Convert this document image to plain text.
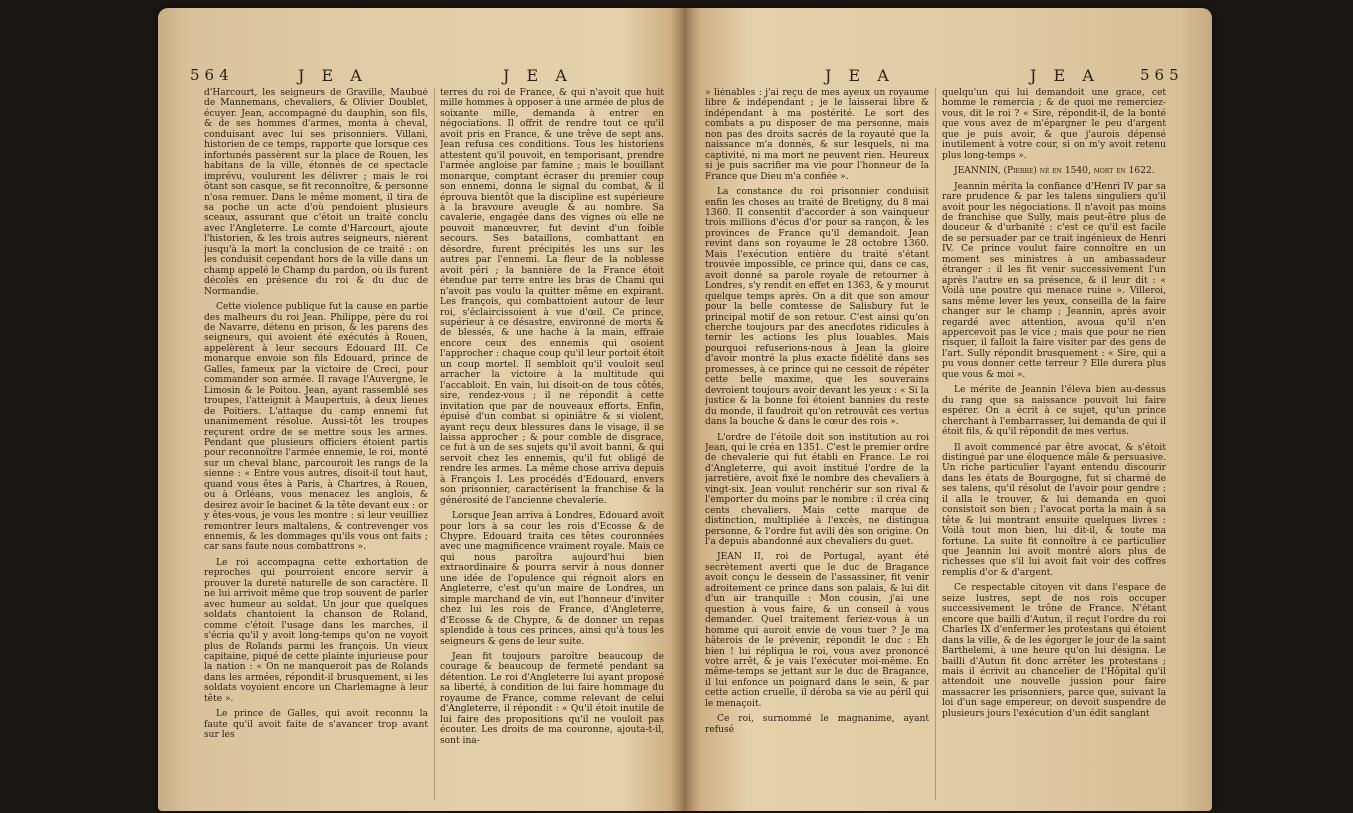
564	J E A	J E A

d'Harcourt, les seigneurs de Graville, Maubué de Mannemans, chevaliers, & Olivier Doublet, écuyer. Jean, accompagné du dauphin, son fils, & de ses hommes d'armes, monta à cheval, conduisant avec lui ses prisonniers. Villani, historien de ce temps, rapporte que lorsque ces infortunés passèrent sur la place de Rouen, les habitans de la ville, étonnés de ce spectacle imprévu, voulurent les délivrer ; mais le roi ôtant son casque, se fit reconnoître, & personne n'osa remuer. Dans le même moment, il tira de sa poche un acte d'où pendoient plusieurs sceaux, assurant que c'étoit un traité conclu avec l'Angleterre. Le comte d'Harcourt, ajoute l'historien, & les trois autres seigneurs, niérent jusqu'à la mort la conclusion de ce traité : on les conduisit cependant hors de la ville dans un champ appelé le Champ du pardon, où ils furent décolés en présence du roi & du duc de Normandie.

Cette violence publique fut la cause en partie des malheurs du roi Jean. Philippe, père du roi de Navarre, détenu en prison, & les parens des seigneurs, qui avoient été exécutés à Rouen, appelèrent à leur secours Edouard III. Ce monarque envoie son fils Edouard, prince de Galles, fameux par la victoire de Creci, pour commander son armée. Il ravage l'Auvergne, le Limosin & le Poitou. Jean, ayant rassemblé ses troupes, l'atteignit à Maupertuis, à deux lieues de Poitiers. L'attaque du camp ennemi fut unanimement résolue. Aussi-tôt les troupes reçurent ordre de se mettre sous les armes. Pendant que plusieurs officiers étoient partis pour reconnoître l'armée ennemie, le roi, monté sur un cheval blanc, parcouroit les rangs de la sienne : « Entre vous autres, disoit-il tout haut, quand vous êtes à Paris, à Chartres, à Rouen, ou à Orléans, vous menacez les anglois, & desirez avoir le bacinet & la tête devant eux : or y êtes-vous, je vous les montre : si leur veuilliez remontrer leurs maltalens, & contrevenger vos ennemis, & les dommages qu'ils vous ont faits ; car sans faute nous combattrons ».

Le roi accompagna cette exhortation de reproches qui pourroient encore servir à prouver la dureté naturelle de son caractère. Il ne lui arrivoit même que trop souvent de parler avec humeur au soldat. Un jour que quelques soldats chantoient la chanson de Roland, comme c'étoit l'usage dans les marches, il s'écria qu'il y avoit long-temps qu'on ne voyoit plus de Rolands parmi les françois. Un vieux capitaine, piqué de cette plainte injurieuse pour la nation : « On ne manqueroit pas de Rolands dans les armées, répondit-il brusquement, si les soldats voyoient encore un Charlemagne à leur tête ».

Le prince de Galles, qui avoit reconnu la faute qu'il avoit faite de s'avancer trop avant sur les

terres du roi de France, & qui n'avoit que huit mille hommes à opposer à une armée de plus de soixante mille, demanda à entrer en négociations. Il offrit de rendre tout ce qu'il avoit pris en France, & une trêve de sept ans. Jean refusa ces conditions. Tous les historiens attestent qu'il pouvoit, en temporisant, prendre l'armée angloise par famine ; mais le bouillant monarque, comptant écraser du premier coup son ennemi, donna le signal du combat, & il éprouva bientôt que la discipline est supérieure à la bravoure aveugle & au nombre. Sa cavalerie, engagée dans des vignes où elle ne pouvoit manœuvrer, fut devint d'un foible secours. Ses bataillons, combattant en désordre, furent précipités les uns sur les autres par l'ennemi. La fleur de la noblesse avoit péri ; la bannière de la France étoit étendue par terre entre les bras de Chami qui n'avoit pas voulu la quitter même en expirant. Les françois, qui combattoient autour de leur roi, s'éclaircissoient à vue d'œil. Ce prince, supérieur à ce désastre, environné de morts & de blessés, & une hache à la main, effraie encore ceux des ennemis qui osoient l'approcher : chaque coup qu'il leur portoit étoit un coup mortel. Il sembloit qu'il vouloit seul arracher la victoire à la multitude qui l'accabloit. En vain, lui disoit-on de tous côtés, sire, rendez-vous ; il ne répondit à cette invitation que par de nouveaux efforts. Enfin, épuisé d'un combat si opiniâtre & si violent, ayant reçu deux blessures dans le visage, il se laissa approcher ; & pour comble de disgrace, ce fut à un de ses sujets qu'il avoit banni, & qui servoit chez les ennemis, qu'il fut obligé de rendre les armes. La même chose arriva depuis à François I. Les procédés d'Edouard, envers son prisonnier, caractérisent la franchise & la générosité de l'ancienne chevalerie.

Lorsque Jean arriva à Londres, Edouard avoit pour lors à sa cour les rois d'Ecosse & de Chypre. Edouard traita ces têtes couronnées avec une magnificence vraiment royale. Mais ce qui nous paroîtra aujourd'hui bien extraordinaire & pourra servir à nous donner une idée de l'opulence qui régnoit alors en Angleterre, c'est qu'un maire de Londres, un simple marchand de vin, eut l'honneur d'inviter chez lui les rois de France, d'Angleterre, d'Ecosse & de Chypre, & de donner un repas splendide à tous ces princes, ainsi qu'à tous les seigneurs & gens de leur suite.

Jean fit toujours paroître beaucoup de courage & beaucoup de fermeté pendant sa détention. Le roi d'Angleterre lui ayant proposé sa liberté, à condition de lui faire hommage du royaume de France, comme relevant de celui d'Angleterre, il répondit : « Qu'il étoit inutile de lui faire des propositions qu'il ne vouloit pas écouter. Les droits de ma couronne, ajouta-t-il, sont ina-

J E A	J E A	565

» liénables : j'ai reçu de mes ayeux un royaume libre & indépendant ; je le laisserai libre & indépendant à ma postérité. Le sort des combats a pu disposer de ma personne, mais non pas des droits sacrés de la royauté que la naissance m'a donnés, & sur lesquels, ni ma captivité, ni ma mort ne peuvent rien. Heureux si je puis sacrifier ma vie pour l'honneur de la France que Dieu m'a confiée ».

La constance du roi prisonnier conduisit enfin les choses au traité de Bretigny, du 8 mai 1360. Il consentit d'accorder à son vainqueur trois millions d'écus d'or pour sa rançon, & les provinces de France qu'il demandoit. Jean revint dans son royaume le 28 octobre 1360. Mais l'exécution entière du traité s'étant trouvée impossible, ce prince qui, dans ce cas, avoit donné sa parole royale de retourner à Londres, s'y rendit en effet en 1363, & y mourut quelque temps après. On a dit que son amour pour la belle comtesse de Salisbury fut le principal motif de son retour. C'est ainsi qu'on cherche toujours par des anecdotes ridicules à ternir les actions les plus louables. Mais pourquoi refuserions-nous à Jean la gloire d'avoir montré la plus exacte fidélité dans ses promesses, à ce prince qui ne cessoit de répéter cette belle maxime, que les souverains devroient toujours avoir devant les yeux : « Si la justice & la bonne foi étoient bannies du reste du monde, il faudroit qu'on retrouvât ces vertus dans la bouche & dans le cœur des rois ».

L'ordre de l'étoile doit son institution au roi Jean, qui le créa en 1351. C'est le premier ordre de chevalerie qui fut établi en France. Le roi d'Angleterre, qui avoit institué l'ordre de la jarretière, avoit fixé le nombre des chevaliers à vingt-six. Jean voulut renchérir sur son rival & l'emporter du moins par le nombre : il créa cinq cents chevaliers. Mais cette marque de distinction, multipliée à l'excès, ne distingua personne, & l'ordre fut avili dès son origine. On l'a depuis abandonné aux chevaliers du guet.

JEAN II, roi de Portugal, ayant été secrètement averti que le duc de Bragance avoit conçu le dessein de l'assassiner, fit venir adroitement ce prince dans son palais, & lui dit d'un air tranquille : Mon cousin, j'ai une question à vous faire, & un conseil à vous demander. Quel traitement feriez-vous à un homme qui auroit envie de vous tuer ? Je ma hâterois de le prévenir, répondit le duc : Eh bien ! lui répliqua le roi, vous avez prononcé votre arrêt, & je vais l'exécuter moi-même. En même-temps se jettant sur le duc de Bragance, il lui enfonce un poignard dans le sein, & par cette action cruelle, il déroba sa vie au péril qui le menaçoit.

Ce roi, surnommé le magnanime, ayant refusé

quelqu'un qui lui demandoit une grace, cet homme le remercia ; & de quoi me remerciez-vous, dit le roi ? « Sire, répondit-il, de la bonté que vous avez de m'épargner le peu d'argent que je puis avoir, & que j'aurois dépensé inutilement à votre cour, si on m'y avoit retenu plus long-temps ».

JEANNIN, (Pierre) né en 1540, mort en 1622.

Jeannin mérita la confiance d'Henri IV par sa rare prudence & par les talens singuliers qu'il avoit pour les négociations. Il n'avoit pas moins de franchise que Sully, mais peut-être plus de douceur & d'urbanité : c'est ce qu'il est facile de se persuader par ce trait ingénieux de Henri IV. Ce prince voulut faire connoître en un moment ses ministres à un ambassadeur étranger : il les fit venir successivement l'un après l'autre en sa présence, & il leur dit : « Voilà une poutre qui menace ruine ». Villeroi, sans même lever les yeux, conseilla de la faire changer sur le champ ; Jeannin, après avoir regardé avec attention, avoua qu'il n'en appercevoit pas le vice ; mais que pour ne rien risquer, il falloit la faire visiter par des gens de l'art. Sully répondit brusquement : « Sire, qui a pu vous donner cette terreur ? Elle durera plus que vous & moi ».

Le mérite de Jeannin l'éleva bien au-dessus du rang que sa naissance pouvoit lui faire espérer. On a écrit à ce sujet, qu'un prince cherchant à l'embarrasser, lui demanda de qui il étoit fils, & qu'il répondit de mes vertus.

Il avoit commencé par être avocat, & s'étoit distingué par une éloquence mâle & persuasive. Un riche particulier l'ayant entendu discourir dans les états de Bourgogne, fut si charmé de ses talens, qu'il résolut de l'avoir pour gendre ; il alla le trouver, & lui demanda en quoi consistoit son bien ; l'avocat porta la main à sa tête & lui montrant ensuite quelques livres : Voilà tout mon bien, lui dit-il, & toute ma fortune. La suite fit connoître à ce particulier que Jeannin lui avoit montré alors plus de richesses que s'il lui avoit fait voir des coffres remplis d'or & d'argent.

Ce respectable citoyen vit dans l'espace de seize lustres, sept de nos rois occuper successivement le trône de France. N'étant encore que bailli d'Autun, il reçut l'ordre du roi Charles IX d'enfermer les protestans qui étoient dans la ville, & de les égorger le jour de la saint Barthelemi, à une heure qu'on lui désigna. Le bailli d'Autun fit donc arrêter les protestans ; mais il écrivit au chancelier de l'Hôpital qu'il attendoit une nouvelle jussion pour faire massacrer les prisonniers, parce que, suivant la loi d'un sage empereur, on devoit suspendre de plusieurs jours l'exécution d'un édit sanglant
